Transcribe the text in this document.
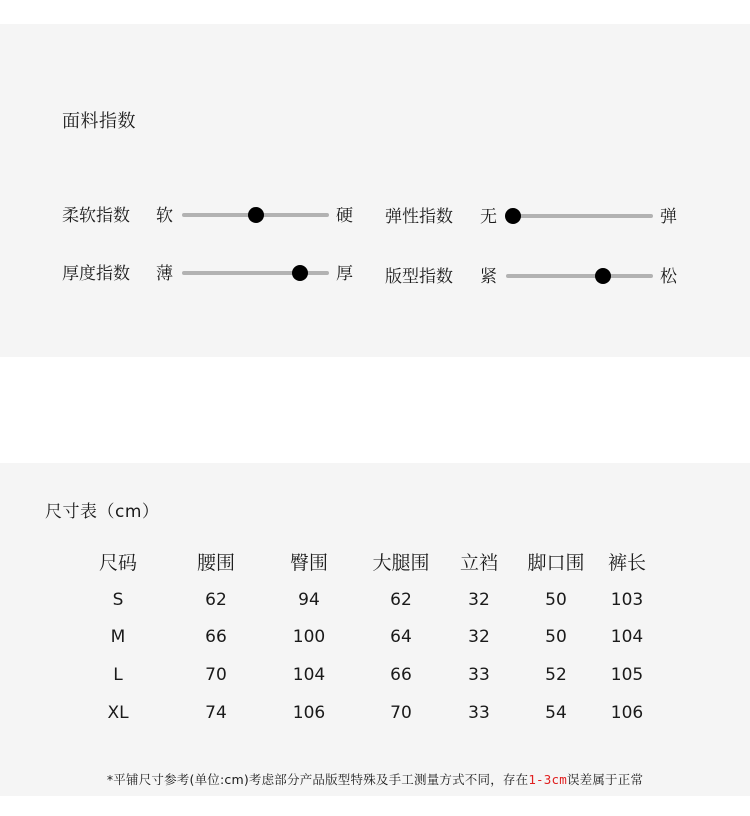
面料指数
柔软指数 软	硬 弹性指数 无	弹
厚度指数 薄	厚 版型指数 紧	松
尺寸表（cm）
尺码	腰围	臀围	大腿围	立裆	脚口围	裤长
S	62	94	62	32	50	103
M	66	100	64	32	50	104
L	70	104	66	33	52	105
XL	74	106	70	33	54	106
*平铺尺寸参考(单位:cm)考虑部分产品版型特殊及手工测量方式不同，存在1-3cm误差属于正常
